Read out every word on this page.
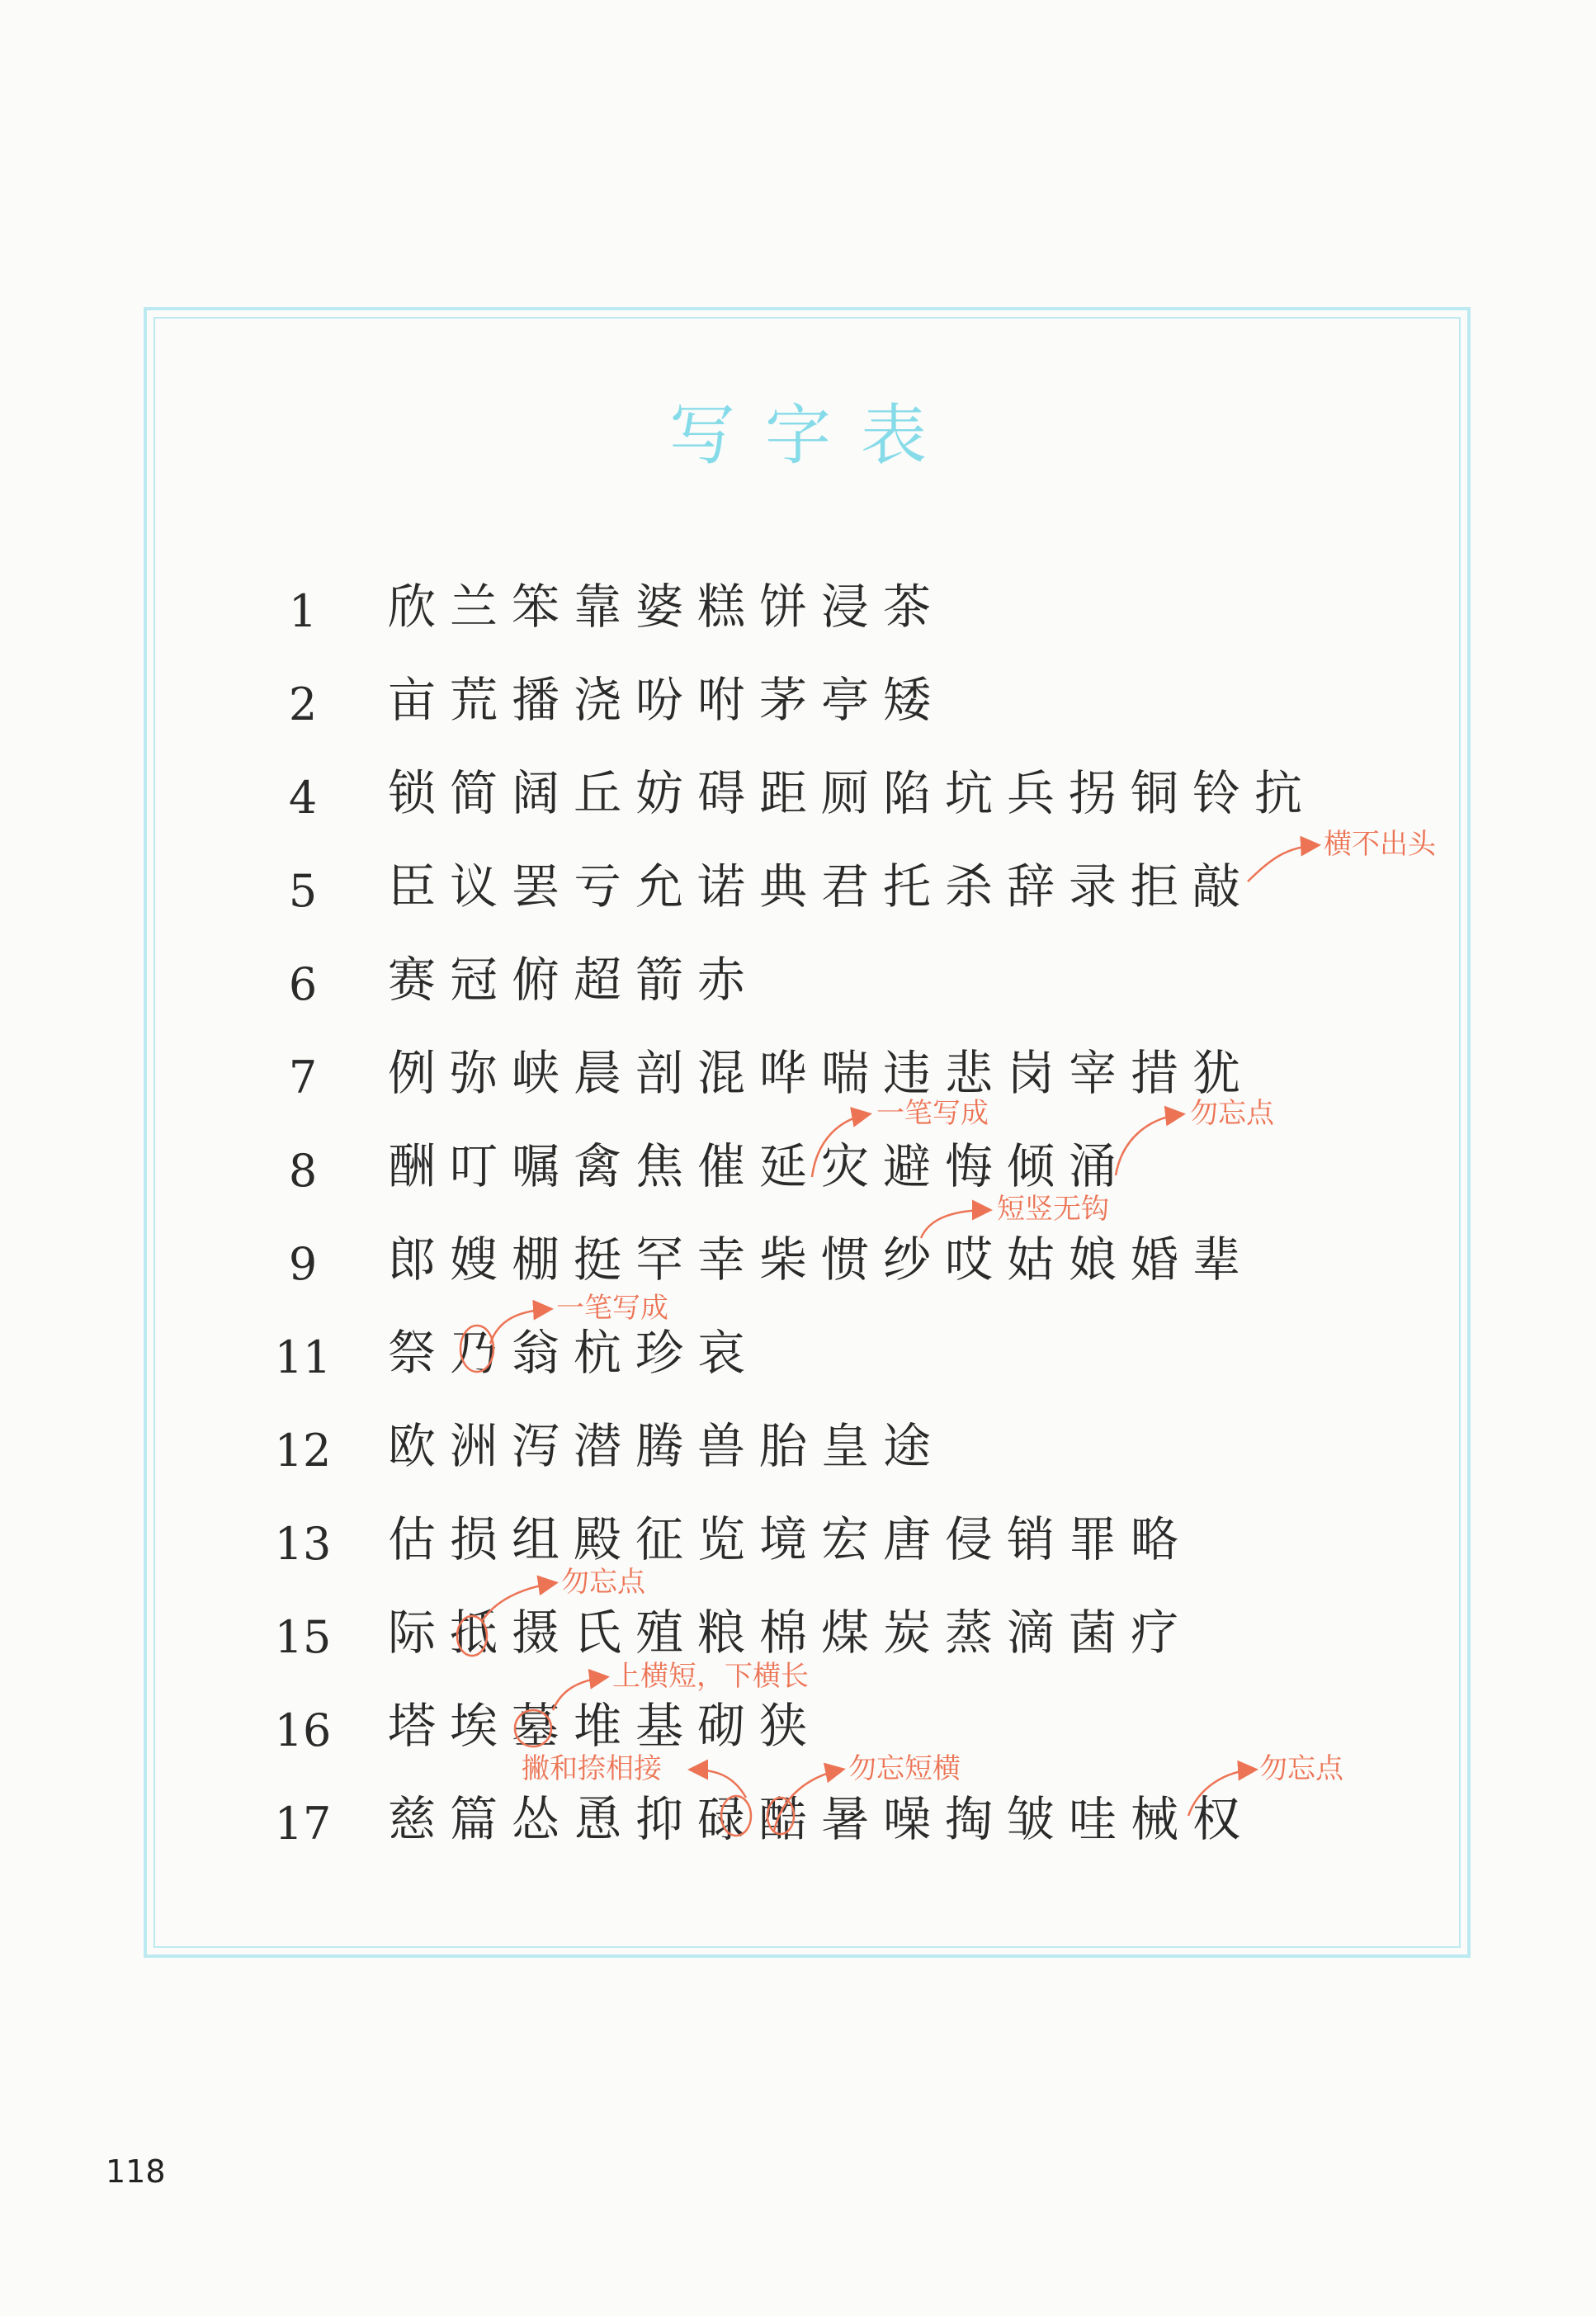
写字表
1	欣兰笨靠婆糕饼浸茶
2	亩荒播浇吩咐茅亭矮
4	锁简阔丘妨碍距厕陷坑兵拐铜铃抗
5	臣议罢亏允诺典君托杀辞录拒敲
6	赛冠俯超箭赤
7	例弥峡晨剖混哗喘违悲岗宰措犹
8	酬叮嘱禽焦催延灾避悔倾涌
9	郎嫂棚挺罕幸柴惯纱哎姑娘婚辈
11 祭乃翁杭珍哀
12 欧洲泻潜腾兽胎皇途
13 估损组殿征览境宏唐侵销罪略
15 际抵摄氏殖粮棉煤炭蒸滴菌疗
16 塔埃墓堆基砌狭
17 慈篇怂恿抑碌酷暑噪掏皱哇械权
横不出头
一笔写成	勿忘点
短竖无钩
一笔写成
勿忘点
上横短，下横长
撇和捺相接	勿忘短横	勿忘点
118
